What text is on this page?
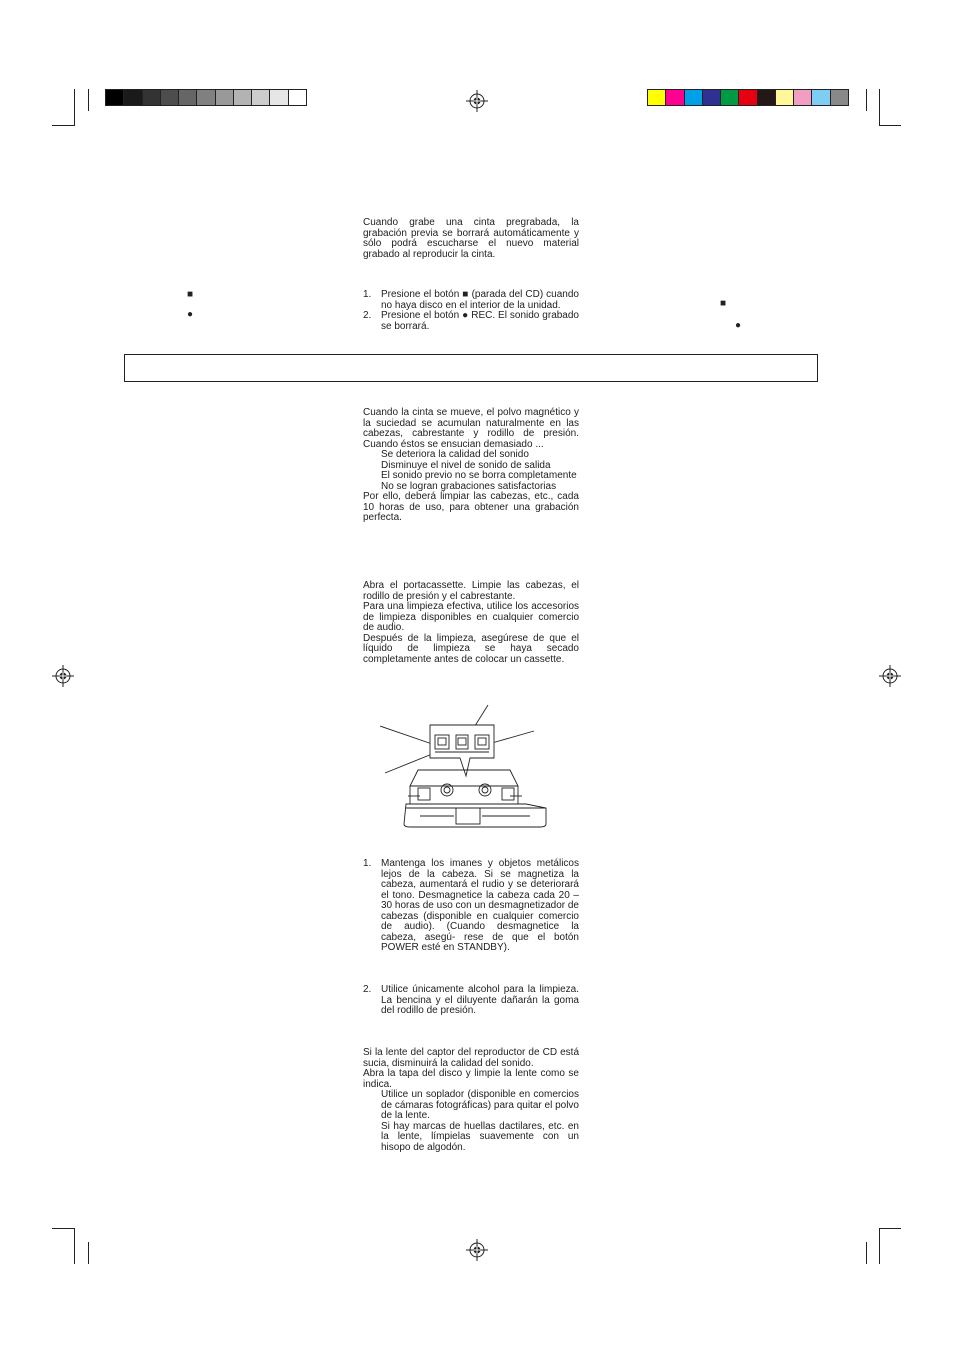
■
●
■
●

Cuando grabe una cinta pregrabada, la grabación previa se borrará automáticamente y sólo podrá escucharse el nuevo material grabado al reproducir la cinta.

1. Presione el botón ■ (parada del CD) cuando no haya disco en el interior de la unidad.
2. Presione el botón ● REC. El sonido grabado se borrará.

Cuando la cinta se mueve, el polvo magnético y la suciedad se acumulan naturalmente en las cabezas, cabrestante y rodillo de presión. Cuando éstos se ensucian demasiado ...

Se deteriora la calidad del sonido

Disminuye el nivel de sonido de salida

El sonido previo no se borra completamente

No se logran grabaciones satisfactorias

Por ello, deberá limpiar las cabezas, etc., cada 10 horas de uso, para obtener una grabación perfecta.

Abra el portacassette. Limpie las cabezas, el rodillo de presión y el cabrestante.

Para una limpieza efectiva, utilice los accesorios de limpieza disponibles en cualquier comercio de audio.

Después de la limpieza, asegúrese de que el líquido de limpieza se haya secado completamente antes de colocar un cassette.

1. Mantenga los imanes y objetos metálicos lejos de la cabeza. Si se magnetiza la cabeza, aumentará el rudio y se deteriorará el tono. Desmagnetice la cabeza cada 20 – 30 horas de uso con un desmagnetizador de cabezas (disponible en cualquier comercio de audio). (Cuando desmagnetice la cabeza, asegú- rese de que el botón POWER esté en STANDBY).
2. Utilice únicamente alcohol para la limpieza. La bencina y el diluyente dañarán la goma del rodillo de presión.

Si la lente del captor del reproductor de CD está sucia, disminuirá la calidad del sonido.

Abra la tapa del disco y limpie la lente como se indica.

Utilice un soplador (disponible en comercios de cámaras fotográficas) para quitar el polvo de la lente.

Si hay marcas de huellas dactilares, etc. en la lente, límpielas suavemente con un hisopo de algodón.
